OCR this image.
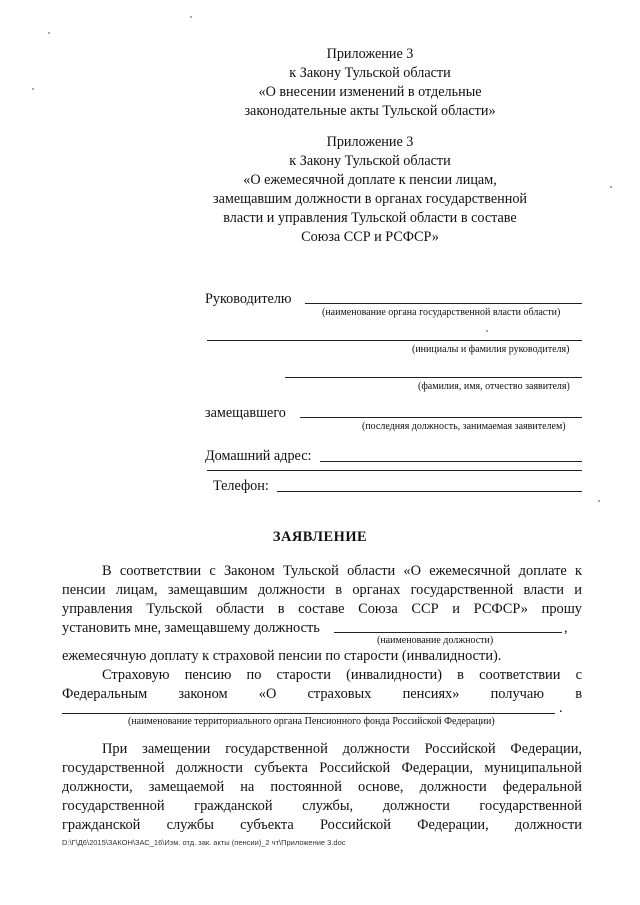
Приложение 3
к Закону Тульской области
«О внесении изменений в отдельные
законодательные акты Тульской области»
Приложение 3
к Закону Тульской области
«О ежемесячной доплате к пенсии лицам,
замещавшим должности в органах государственной
власти и управления Тульской области в составе
Союза ССР и РСФСР»
Руководителю
(наименование органа государственной власти области)
(инициалы и фамилия руководителя)
(фамилия, имя, отчество заявителя)
замещавшего
(последняя должность, занимаемая заявителем)
Домашний адрес:
Телефон:
ЗАЯВЛЕНИЕ
В соответствии с Законом Тульской области «О ежемесячной доплате к
пенсии лицам, замещавшим должности в органах государственной власти и
управления Тульской области в составе Союза ССР и РСФСР» прошу
установить мне, замещавшему должность	,
(наименование должности)
ежемесячную доплату к страховой пенсии по старости (инвалидности).
Страховую пенсию по старости (инвалидности) в соответствии с
Федеральным законом «О страховых пенсиях» получаю в
.
(наименование территориального органа Пенсионного фонда Российской Федерации)
При замещении государственной должности Российской Федерации,
государственной должности субъекта Российской Федерации, муниципальной
должности, замещаемой на постоянной основе, должности федеральной
государственной гражданской службы, должности государственной
гражданской службы субъекта Российской Федерации, должности
D:\Г\Д6\2015\ЗАКОН\ЗАС_16\Изм. отд. зак. акты (пенсии)_2 чт\Приложение 3.doc
